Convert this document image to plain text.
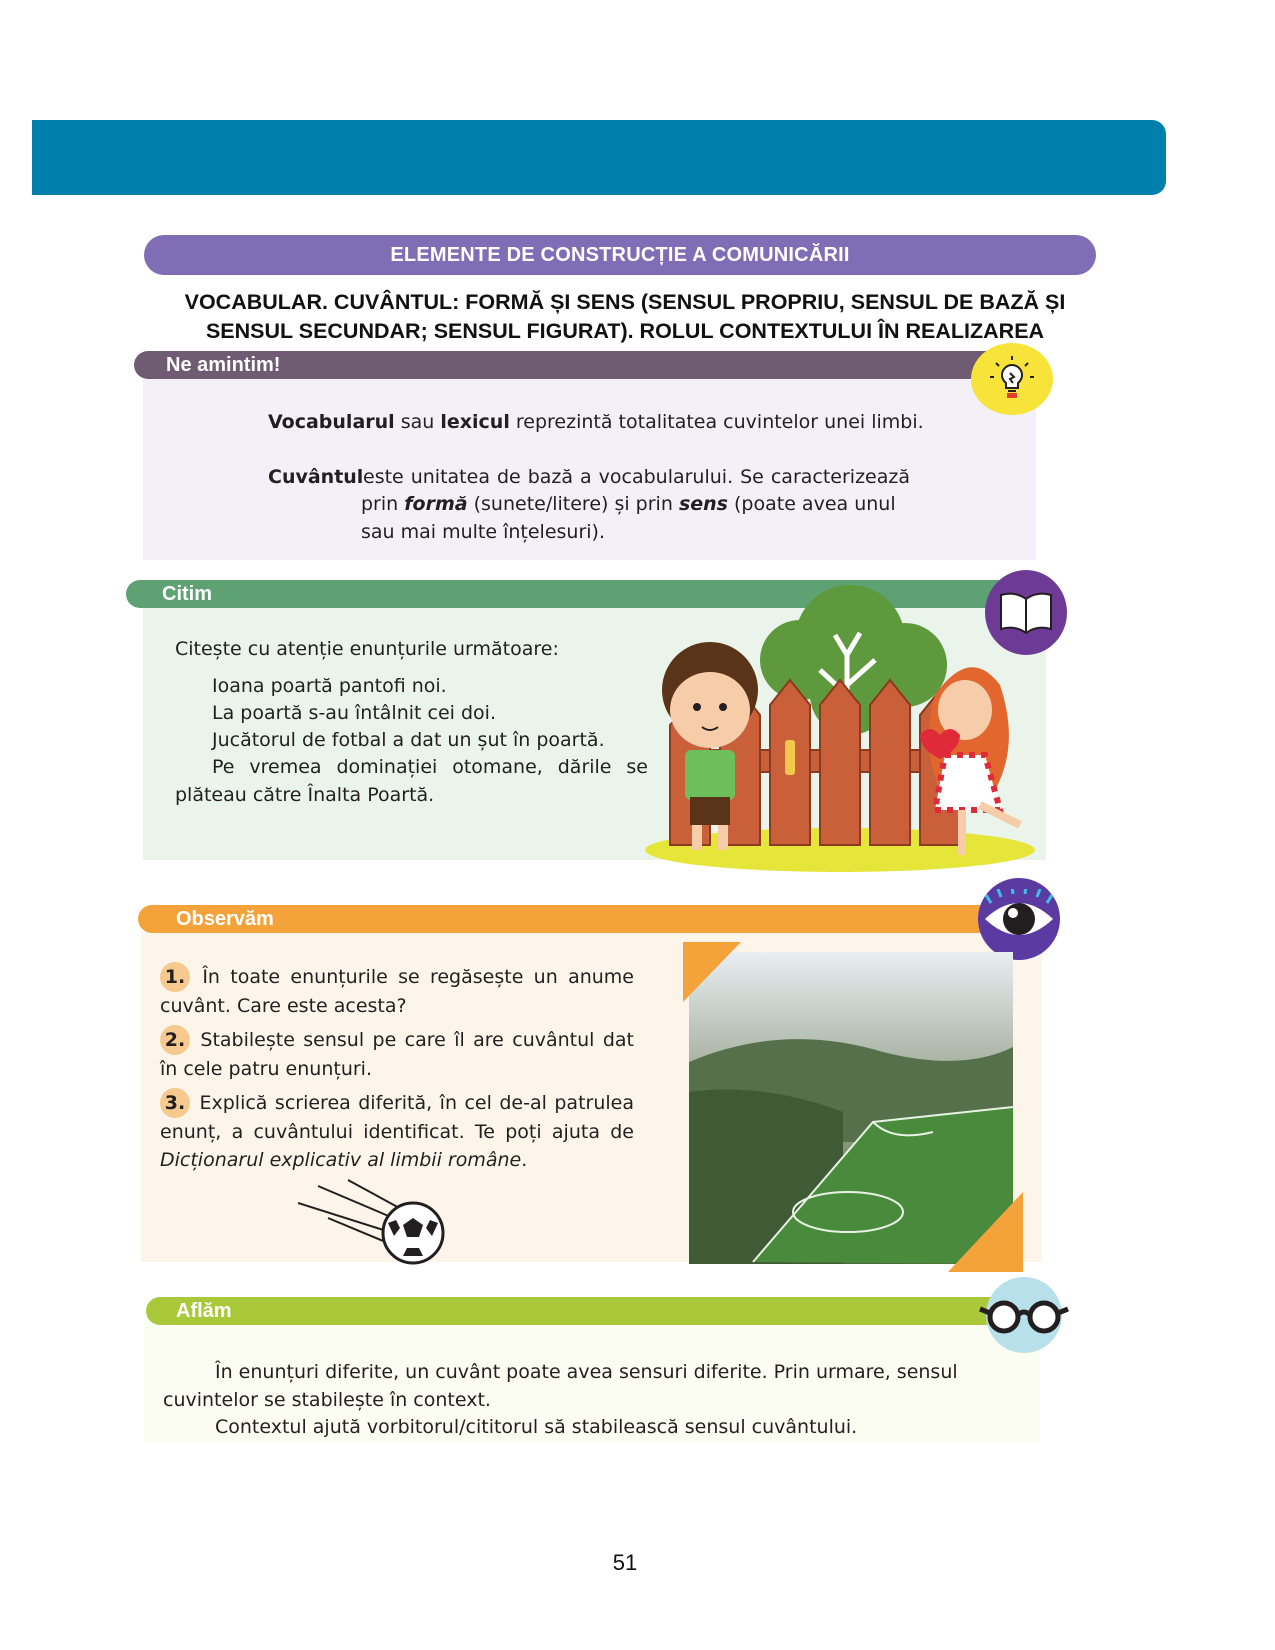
ELEMENTE DE CONSTRUCȚIE A COMUNICĂRII
VOCABULAR. CUVÂNTUL: FORMĂ ȘI SENS (SENSUL PROPRIU, SENSUL DE BAZĂ ȘI SENSUL SECUNDAR; SENSUL FIGURAT). ROLUL CONTEXTULUI ÎN REALIZAREA
Ne amintim!
Vocabularul sau lexicul reprezintă totalitatea cuvintelor unei limbi.
Cuvântul este unitatea de bază a vocabularului. Se caracterizează
prin formă (sunete/litere) și prin sens (poate avea unul sau mai multe înțelesuri).
Citim
Citește cu atenție enunțurile următoare:
Ioana poartă pantofi noi.
La poartă s-au întâlnit cei doi.
Jucătorul de fotbal a dat un șut în poartă.
Pe vremea dominației otomane, dările se plăteau către Înalta Poartă.
Observăm
1. În toate enunțurile se regăsește un anume cuvânt. Care este acesta?
2. Stabilește sensul pe care îl are cuvântul dat în cele patru enunțuri.
3. Explică scrierea diferită, în cel de-al patrulea enunț, a cuvântului identificat. Te poți ajuta de Dicționarul explicativ al limbii române.
Aflăm
În enunțuri diferite, un cuvânt poate avea sensuri diferite. Prin urmare, sensul cuvintelor se stabilește în context.
Contextul ajută vorbitorul/cititorul să stabilească sensul cuvântului.
51
